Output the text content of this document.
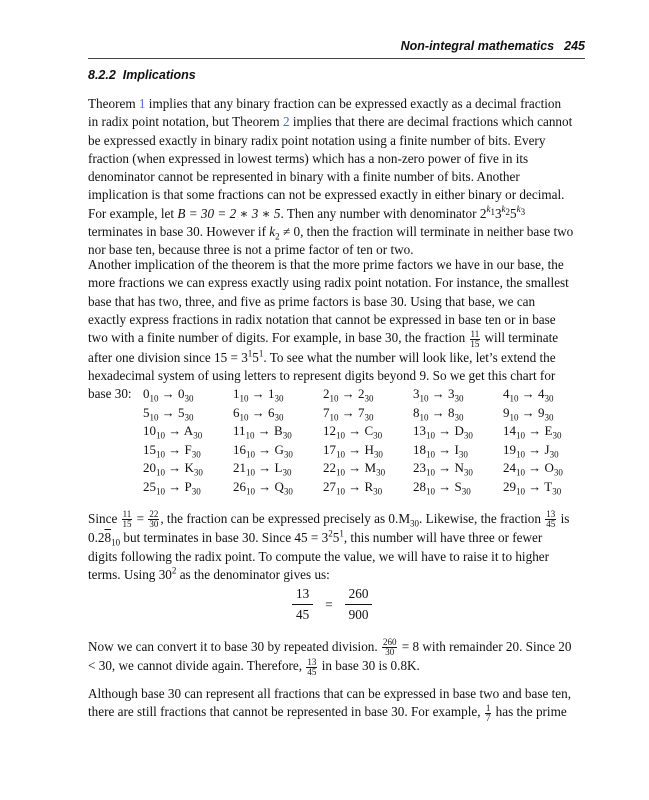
Non-integral mathematics 245
8.2.2 Implications

Theorem 1 implies that any binary fraction can be expressed exactly as a decimal fraction in radix point notation, but Theorem 2 implies that there are decimal fractions which cannot be expressed exactly in binary radix point notation using a finite number of bits. Every fraction (when expressed in lowest terms) which has a non-zero power of five in its denominator cannot be represented in binary with a finite number of bits. Another implication is that some fractions can not be expressed exactly in either binary or decimal. For example, let B = 30 = 2 ∗ 3 ∗ 5. Then any number with denominator $2^{k_1}3^{k_2}5^{k_3}$ terminates in base 30. However if $k_2 \ne 0$, then the fraction will terminate in neither base two nor base ten, because three is not a prime factor of ten or two.

Another implication of the theorem is that the more prime factors we have in our base, the more fractions we can express exactly using radix point notation. For instance, the smallest base that has two, three, and five as prime factors is base 30. Using that base, we can exactly express fractions in radix notation that cannot be expressed in base ten or in base two with a finite number of digits. For example, in base 30, the fraction $\frac{11}{15}$ will terminate after one division since $15 = 3^15^1$. To see what the number will look like, let’s extend the hexadecimal system of using letters to represent digits beyond 9. So we get this chart for base 30: $0_{10} \to 0_{30}$	$1_{10} \to 1_{30}$	$2_{10} \to 2_{30}$	$3_{10} \to 3_{30}$	$4_{10} \to 4_{30}$
$5_{10} \to 5_{30}$	$6_{10} \to 6_{30}$	$7_{10} \to 7_{30}$	$8_{10} \to 8_{30}$	$9_{10} \to 9_{30}$
$10_{10} \to A_{30}$	$11_{10} \to B_{30}$	$12_{10} \to C_{30}$	$13_{10} \to D_{30}$	$14_{10} \to E_{30}$
$15_{10} \to F_{30}$	$16_{10} \to G_{30}$	$17_{10} \to H_{30}$	$18_{10} \to I_{30}$	$19_{10} \to J_{30}$
$20_{10} \to K_{30}$	$21_{10} \to L_{30}$	$22_{10} \to M_{30}$	$23_{10} \to N_{30}$	$24_{10} \to O_{30}$
$25_{10} \to P_{30}$	$26_{10} \to Q_{30}$	$27_{10} \to R_{30}$	$28_{10} \to S_{30}$	$29_{10} \to T_{30}$

Since $\frac{11}{15} = \frac{22}{30}$ , the fraction can be expressed precisely as $0.M_{30}$. Likewise, the fraction $\frac{13}{45}$ is $0.28_{10}$ but terminates in base 30. Since $45 = 3^25^1$, this number will have three or fewer digits following the radix point. To compute the value, we will have to raise it to higher terms. Using $30^2$ as the denominator gives us:

$\frac{13}{45} = \frac{260}{900}$

Now we can convert it to base 30 by repeated division. $\frac{260}{30} = 8$ with remainder 20. Since 20 < 30, we cannot divide again. Therefore, $\frac{13}{45}$ in base 30 is 0.8K.

Although base 30 can represent all fractions that can be expressed in base two and base ten, there are still fractions that cannot be represented in base 30. For example, $\frac{1}{7}$ has the prime
